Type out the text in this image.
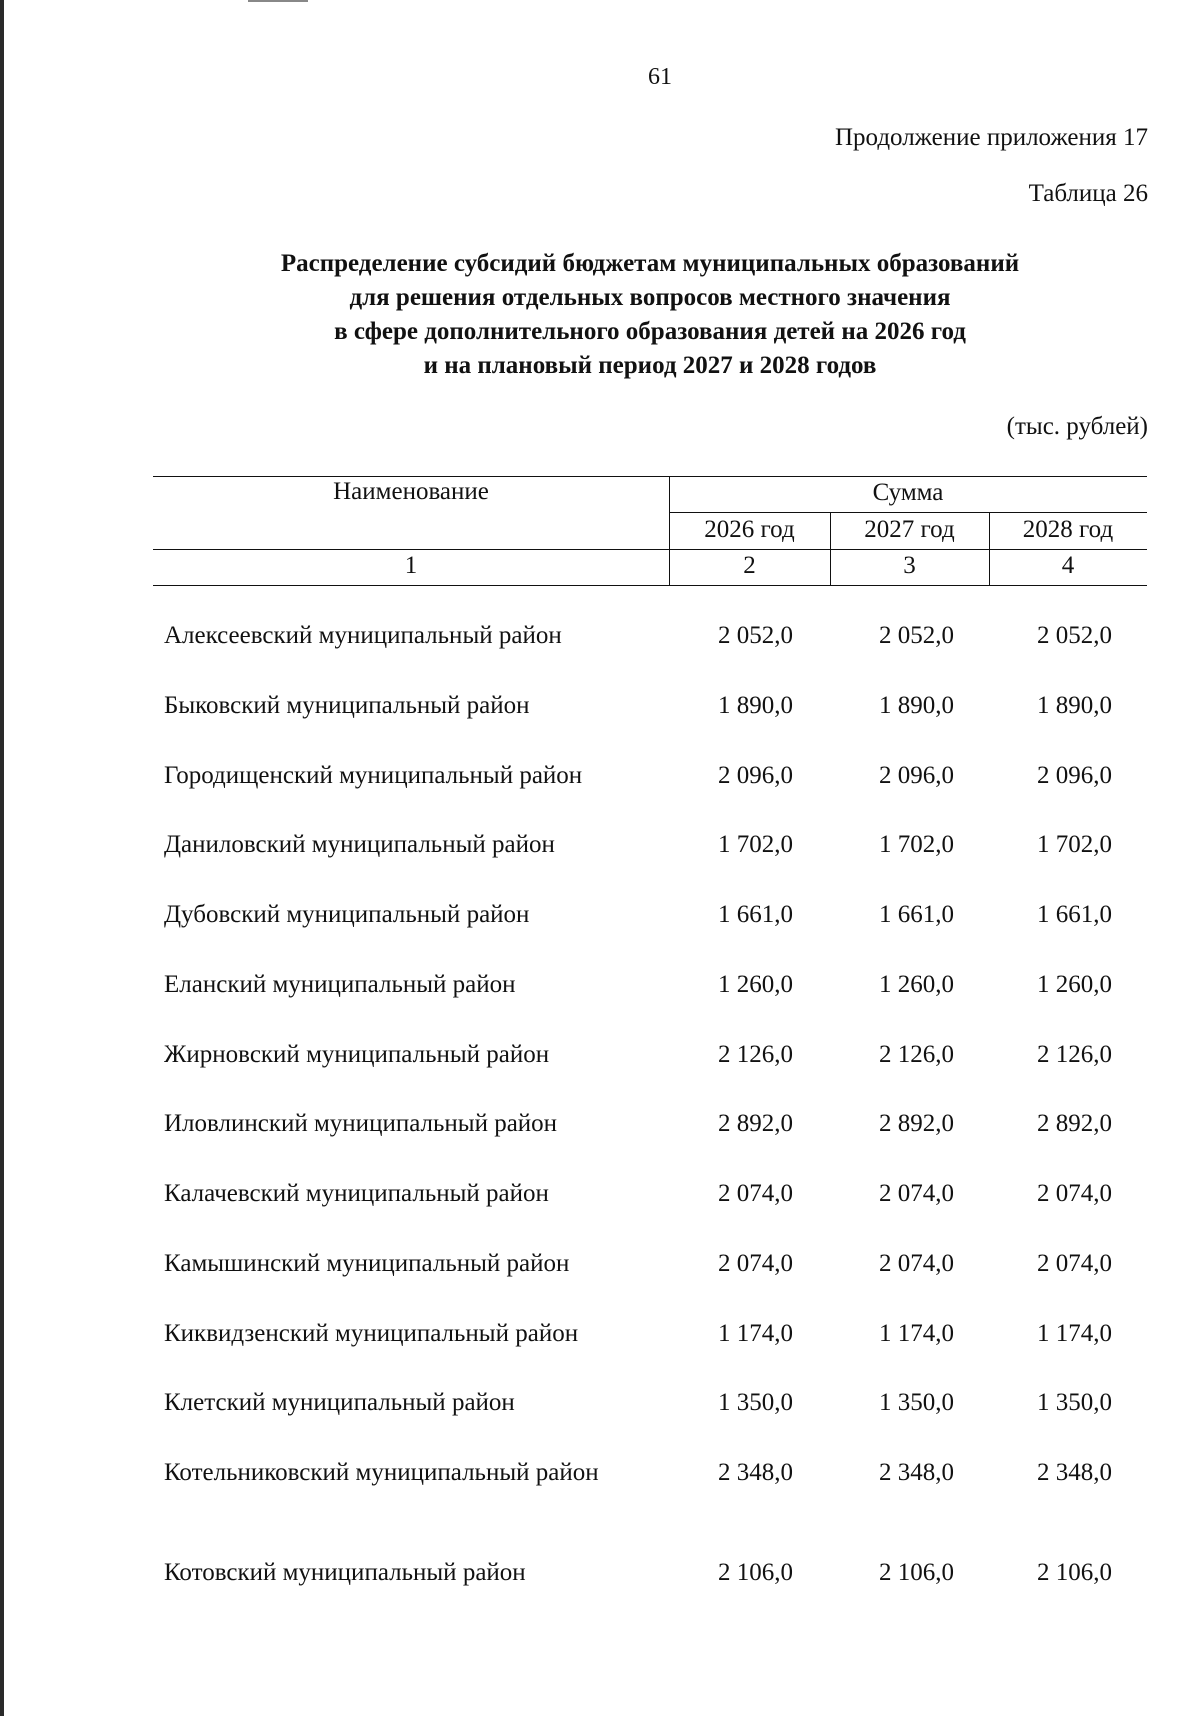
61
Продолжение приложения 17
Таблица 26
Распределение субсидий бюджетам муниципальных образований
для решения отдельных вопросов местного значения
в сфере дополнительного образования детей на 2026 год
и на плановый период 2027 и 2028 годов
(тыс. рублей)
Наименование	Сумма
2026 год	2027 год	2028 год
1	2	3	4
Алексеевский муниципальный район	2 052,0	2 052,0	2 052,0
Быковский муниципальный район	1 890,0	1 890,0	1 890,0
Городищенский муниципальный район	2 096,0	2 096,0	2 096,0
Даниловский муниципальный район	1 702,0	1 702,0	1 702,0
Дубовский муниципальный район	1 661,0	1 661,0	1 661,0
Еланский муниципальный район	1 260,0	1 260,0	1 260,0
Жирновский муниципальный район	2 126,0	2 126,0	2 126,0
Иловлинский муниципальный район	2 892,0	2 892,0	2 892,0
Калачевский муниципальный район	2 074,0	2 074,0	2 074,0
Камышинский муниципальный район	2 074,0	2 074,0	2 074,0
Киквидзенский муниципальный район	1 174,0	1 174,0	1 174,0
Клетский муниципальный район	1 350,0	1 350,0	1 350,0
Котельниковский муниципальный район	2 348,0	2 348,0	2 348,0
Котовский муниципальный район	2 106,0	2 106,0	2 106,0
